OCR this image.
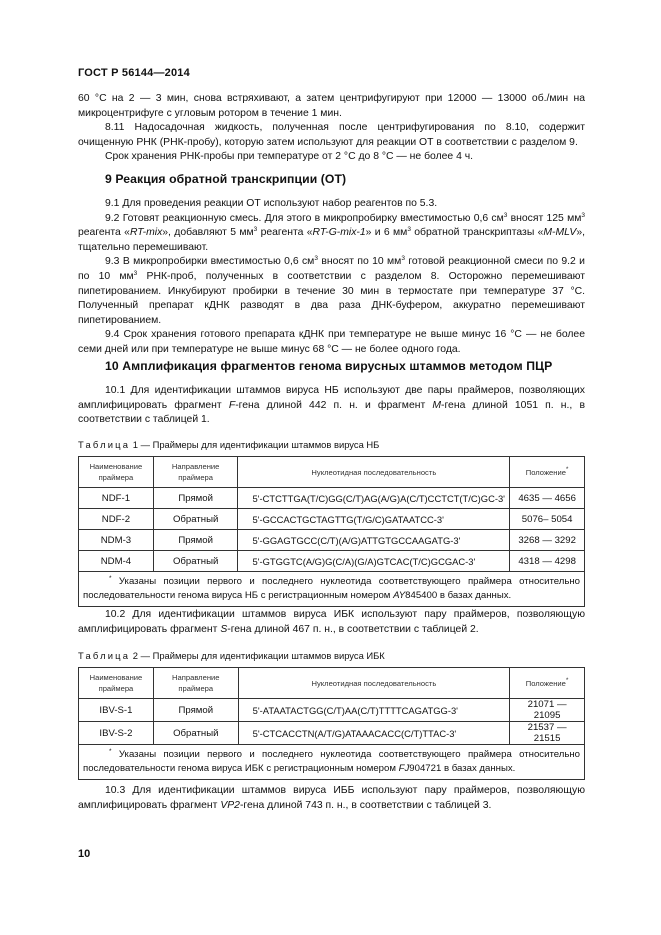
ГОСТ Р 56144—2014

60 °С на 2 — 3 мин, снова встряхивают, а затем центрифугируют при 12000 — 13000 об./мин на микроцентрифуге с угловым ротором в течение 1 мин.

8.11 Надосадочная жидкость, полученная после центрифугирования по 8.10, содержит очищенную РНК (РНК-пробу), которую затем используют для реакции ОТ в соответствии с разделом 9.

Срок хранения РНК-пробы при температуре от 2 °С до 8 °С — не более 4 ч.

9 Реакция обратной транскрипции (ОТ)

9.1 Для проведения реакции ОТ используют набор реагентов по 5.3.

9.2 Готовят реакционную смесь. Для этого в микропробирку вместимостью 0,6 $см^3$ вносят 125 $мм^3$ реагента «RT-mix», добавляют 5 $мм^3$ реагента «RT-G-mix-1» и 6 $мм^3$ обратной транскриптазы «M-MLV», тщательно перемешивают.

9.3 В микропробирки вместимостью 0,6 $см^3$ вносят по 10 $мм^3$ готовой реакционной смеси по 9.2 и по 10 $мм^3$ РНК-проб, полученных в соответствии с разделом 8. Осторожно перемешивают пипетированием. Инкубируют пробирки в течение 30 мин в термостате при температуре 37 °С. Полученный препарат кДНК разводят в два раза ДНК-буфером, аккуратно перемешивают пипетированием.

9.4 Срок хранения готового препарата кДНК при температуре не выше минус 16 °С — не более семи дней или при температуре не выше минус 68 °С — не более одного года.

10 Амплификация фрагментов генома вирусных штаммов методом ПЦР

10.1 Для идентификации штаммов вируса НБ используют две пары праймеров, позволяющих амплифицировать фрагмент F-гена длиной 442 п. н. и фрагмент M-гена длиной 1051 п. н., в соответствии с таблицей 1.

Таблица 1 — Праймеры для идентификации штаммов вируса НБ
Наименование праймера	Направление праймера	Нуклеотидная последовательность	Положение*
NDF-1	Прямой	5'-CTCTTGA(T/C)GG(C/T)AG(A/G)A(C/T)CCTCT(T/C)GC-3'	4635 — 4656
NDF-2	Обратный	5'-GCCACTGCTAGTTG(T/G/C)GATAATCC-3'	5076– 5054
NDM-3	Прямой	5'-GGAGTGCC(C/T)(A/G)ATTGTGCCAAGATG-3'	3268 — 3292
NDM-4	Обратный	5'-GTGGTC(A/G)G(C/A)(G/A)GTCAC(T/C)GCGAC-3'	4318 — 4298

* Указаны позиции первого и последнего нуклеотида соответствующего праймера относительно последовательности генома вируса НБ с регистрационным номером AY845400 в базах данных.			

10.2 Для идентификации штаммов вируса ИБК используют пару праймеров, позволяющую амплифицировать фрагмент S-гена длиной 467 п. н., в соответствии с таблицей 2.

Таблица 2 — Праймеры для идентификации штаммов вируса ИБК
Наименование праймера	Направление праймера	Нуклеотидная последовательность	Положение*
IBV-S-1	Прямой	5'-ATAATACTGG(C/T)AA(C/T)TTTTCAGATGG-3'	21071 — 21095
IBV-S-2	Обратный	5'-CTCACCTN(A/T/G)ATAAACACC(C/T)TTAC-3'	21537 — 21515

* Указаны позиции первого и последнего нуклеотида соответствующего праймера относительно последовательности генома вируса ИБК с регистрационным номером FJ904721 в базах данных.			

10.3 Для идентификации штаммов вируса ИББ используют пару праймеров, позволяющую амплифицировать фрагмент VP2-гена длиной 743 п. н., в соответствии с таблицей 3.

10
